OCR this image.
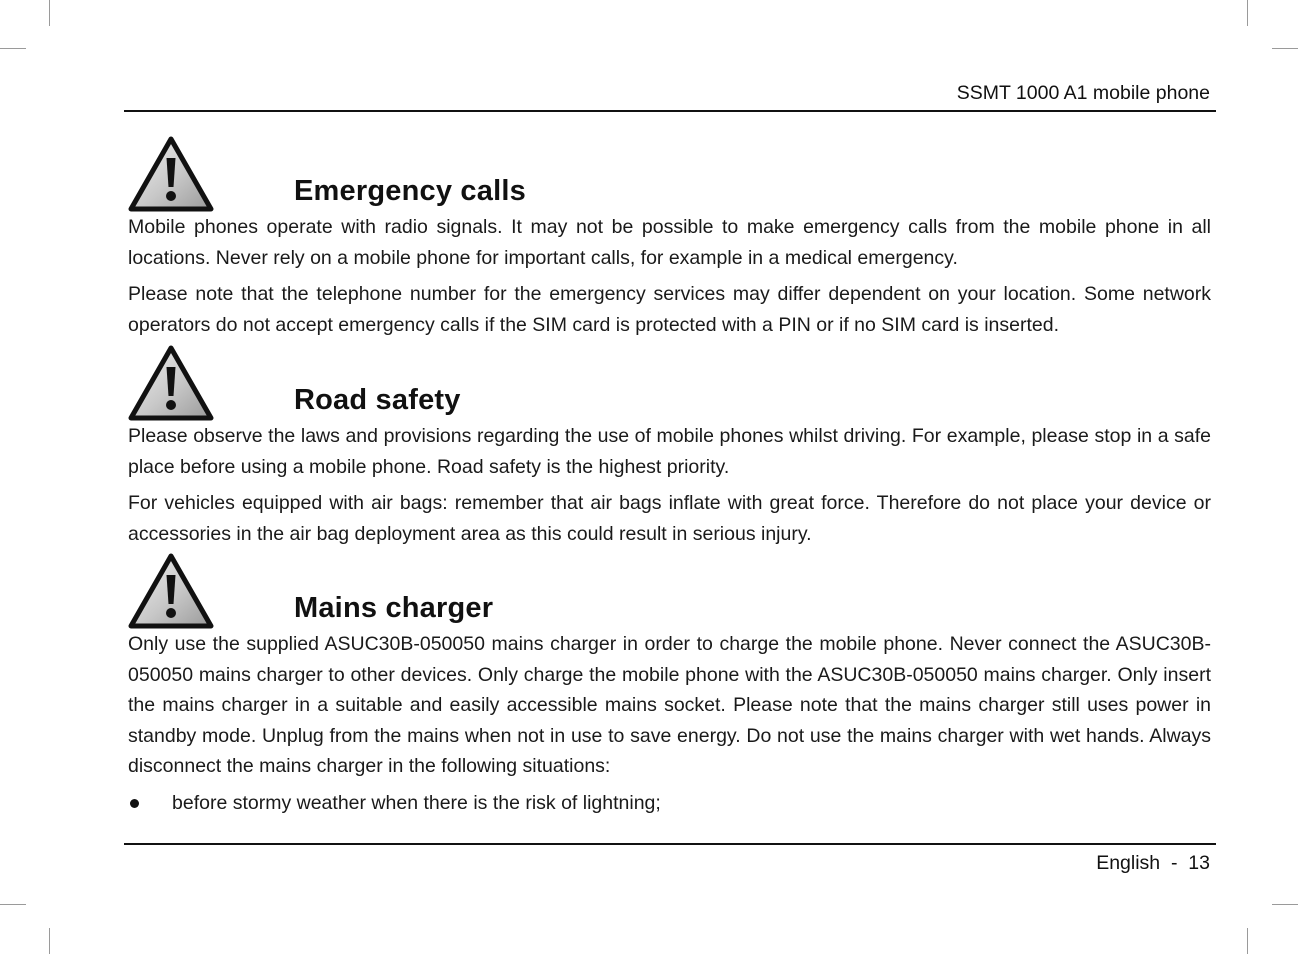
SSMT 1000 A1 mobile phone
Emergency calls

Mobile phones operate with radio signals. It may not be possible to make emergency calls from the mobile phone in all locations. Never rely on a mobile phone for important calls, for example in a medical emergency.

Please note that the telephone number for the emergency services may differ dependent on your location. Some network operators do not accept emergency calls if the SIM card is protected with a PIN or if no SIM card is inserted.

Road safety

Please observe the laws and provisions regarding the use of mobile phones whilst driving. For example, please stop in a safe place before using a mobile phone. Road safety is the highest priority.

For vehicles equipped with air bags: remember that air bags inflate with great force. Therefore do not place your device or accessories in the air bag deployment area as this could result in serious injury.

Mains charger

Only use the supplied ASUC30B-050050 mains charger in order to charge the mobile phone. Never connect the ASUC30B-050050 mains charger to other devices. Only charge the mobile phone with the ASUC30B-050050 mains charger. Only insert the mains charger in a suitable and easily accessible mains socket. Please note that the mains charger still uses power in standby mode. Unplug from the mains when not in use to save energy. Do not use the mains charger with wet hands. Always disconnect the mains charger in the following situations:

before stormy weather when there is the risk of lightning;
English  -  13
